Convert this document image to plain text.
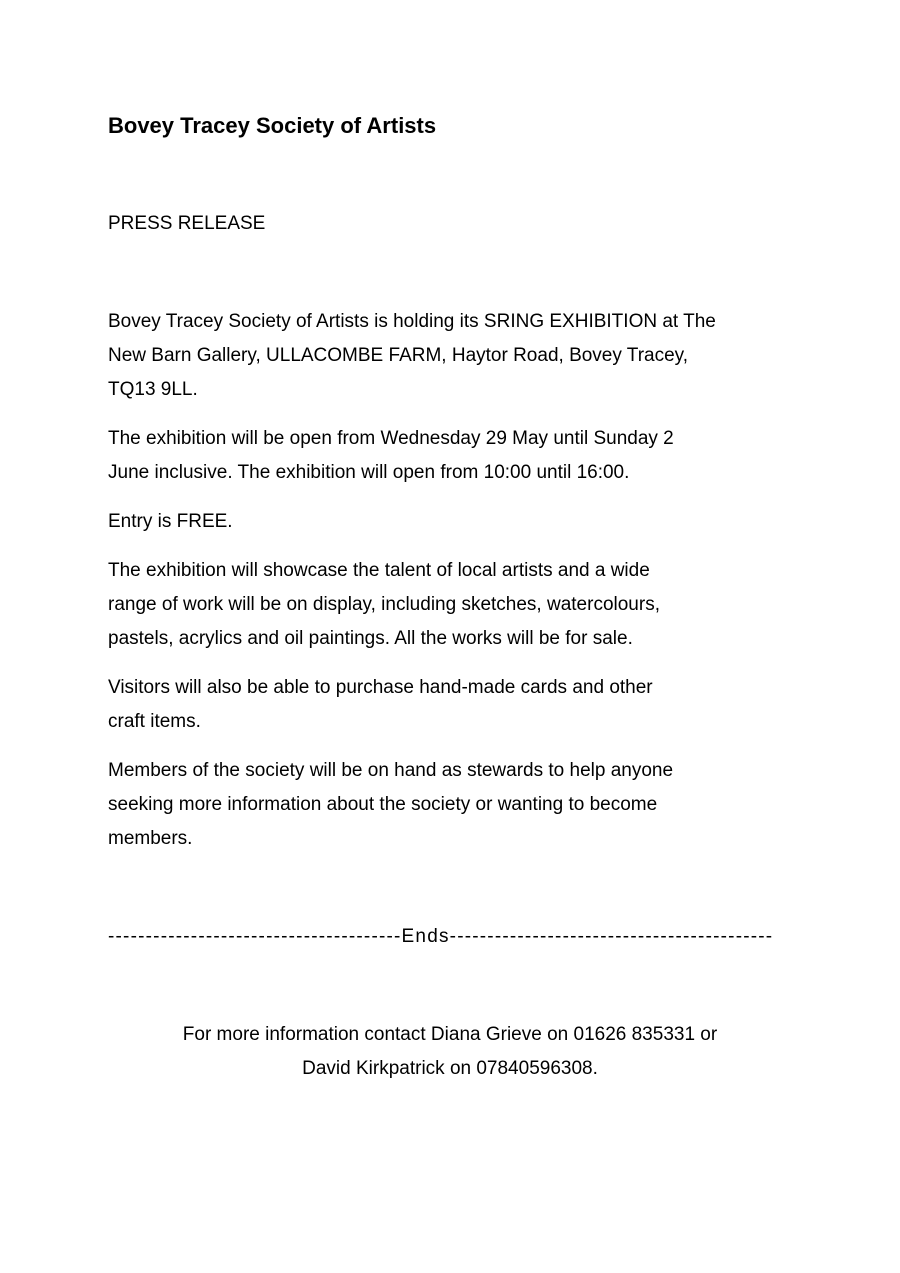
Bovey Tracey Society of Artists

PRESS RELEASE

Bovey Tracey Society of Artists is holding its SRING EXHIBITION at The
New Barn Gallery, ULLACOMBE FARM, Haytor Road, Bovey Tracey,
TQ13 9LL.

The exhibition will be open from Wednesday 29 May until Sunday 2
June inclusive. The exhibition will open from 10:00 until 16:00.

Entry is FREE.

The exhibition will showcase the talent of local artists and a wide
range of work will be on display, including sketches, watercolours,
pastels, acrylics and oil paintings. All the works will be for sale.

Visitors will also be able to purchase hand-made cards and other
craft items.

Members of the society will be on hand as stewards to help anyone
seeking more information about the society or wanting to become
members.

---------------------------------------Ends-------------------------------------------

For more information contact Diana Grieve on 01626 835331 or
David Kirkpatrick on 07840596308.
